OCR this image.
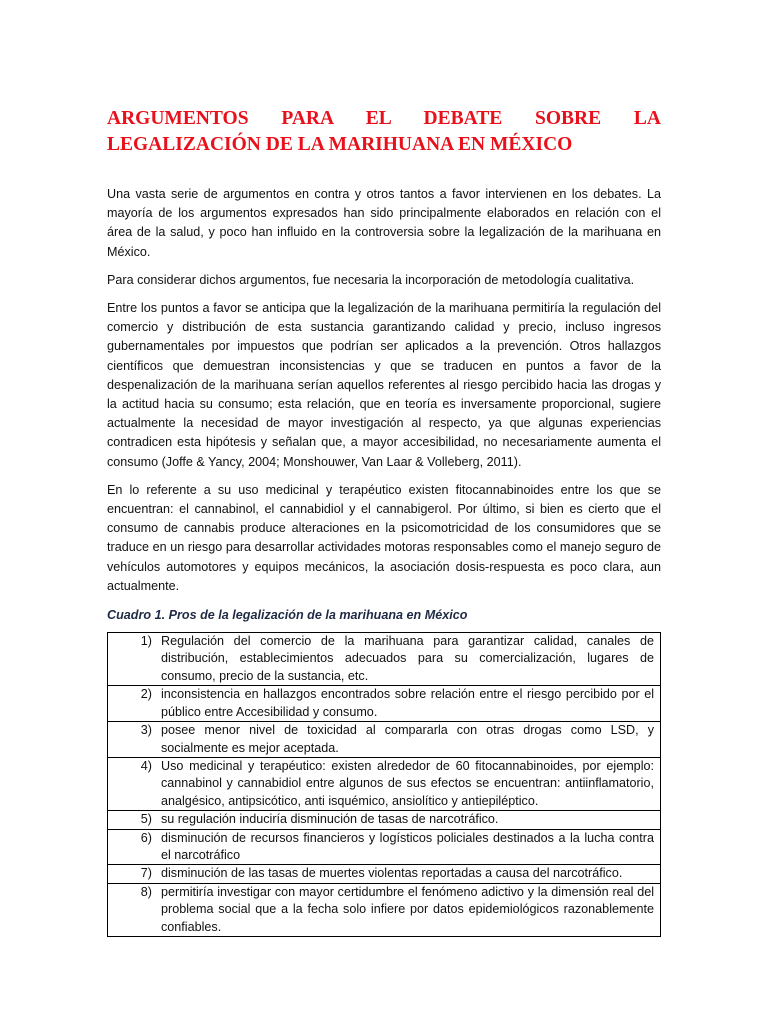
ARGUMENTOS PARA EL DEBATE SOBRE LA
LEGALIZACIÓN DE LA MARIHUANA EN MÉXICO

Una vasta serie de argumentos en contra y otros tantos a favor intervienen en los debates. La mayoría de los argumentos expresados han sido principalmente elaborados en relación con el área de la salud, y poco han influido en la controversia sobre la legalización de la marihuana en México.

Para considerar dichos argumentos, fue necesaria la incorporación de metodología cualitativa.

Entre los puntos a favor se anticipa que la legalización de la marihuana permitiría la regulación del comercio y distribución de esta sustancia garantizando calidad y precio, incluso ingresos gubernamentales por impuestos que podrían ser aplicados a la prevención. Otros hallazgos científicos que demuestran inconsistencias y que se traducen en puntos a favor de la despenalización de la marihuana serían aquellos referentes al riesgo percibido hacia las drogas y la actitud hacia su consumo; esta relación, que en teoría es inversamente proporcional, sugiere actualmente la necesidad de mayor investigación al respecto, ya que algunas experiencias contradicen esta hipótesis y señalan que, a mayor accesibilidad, no necesariamente aumenta el consumo (Joffe & Yancy, 2004; Monshouwer, Van Laar & Volleberg, 2011).

En lo referente a su uso medicinal y terapéutico existen fitocannabinoides entre los que se encuentran: el cannabinol, el cannabidiol y el cannabigerol. Por último, si bien es cierto que el consumo de cannabis produce alteraciones en la psicomotricidad de los consumidores que se traduce en un riesgo para desarrollar actividades motoras responsables como el manejo seguro de vehículos automotores y equipos mecánicos, la asociación dosis-respuesta es poco clara, aun actualmente.

Cuadro 1. Pros de la legalización de la marihuana en México
1)	Regulación del comercio de la marihuana para garantizar calidad, canales de distribución, establecimientos adecuados para su comercialización, lugares de consumo, precio de la sustancia, etc.
2)	inconsistencia en hallazgos encontrados sobre relación entre el riesgo percibido por el público entre Accesibilidad y consumo.
3)	posee menor nivel de toxicidad al compararla con otras drogas como LSD, y socialmente es mejor aceptada.
4)	Uso medicinal y terapéutico: existen alrededor de 60 fitocannabinoides, por ejemplo: cannabinol y cannabidiol entre algunos de sus efectos se encuentran: antiinflamatorio, analgésico, antipsicótico, anti isquémico, ansiolítico y antiepiléptico.
5)	su regulación induciría disminución de tasas de narcotráfico.
6)	disminución de recursos financieros y logísticos policiales destinados a la lucha contra el narcotráfico
7)	disminución de las tasas de muertes violentas reportadas a causa del narcotráfico.
8)	permitiría investigar con mayor certidumbre el fenómeno adictivo y la dimensión real del problema social que a la fecha solo infiere por datos epidemiológicos razonablemente confiables.
